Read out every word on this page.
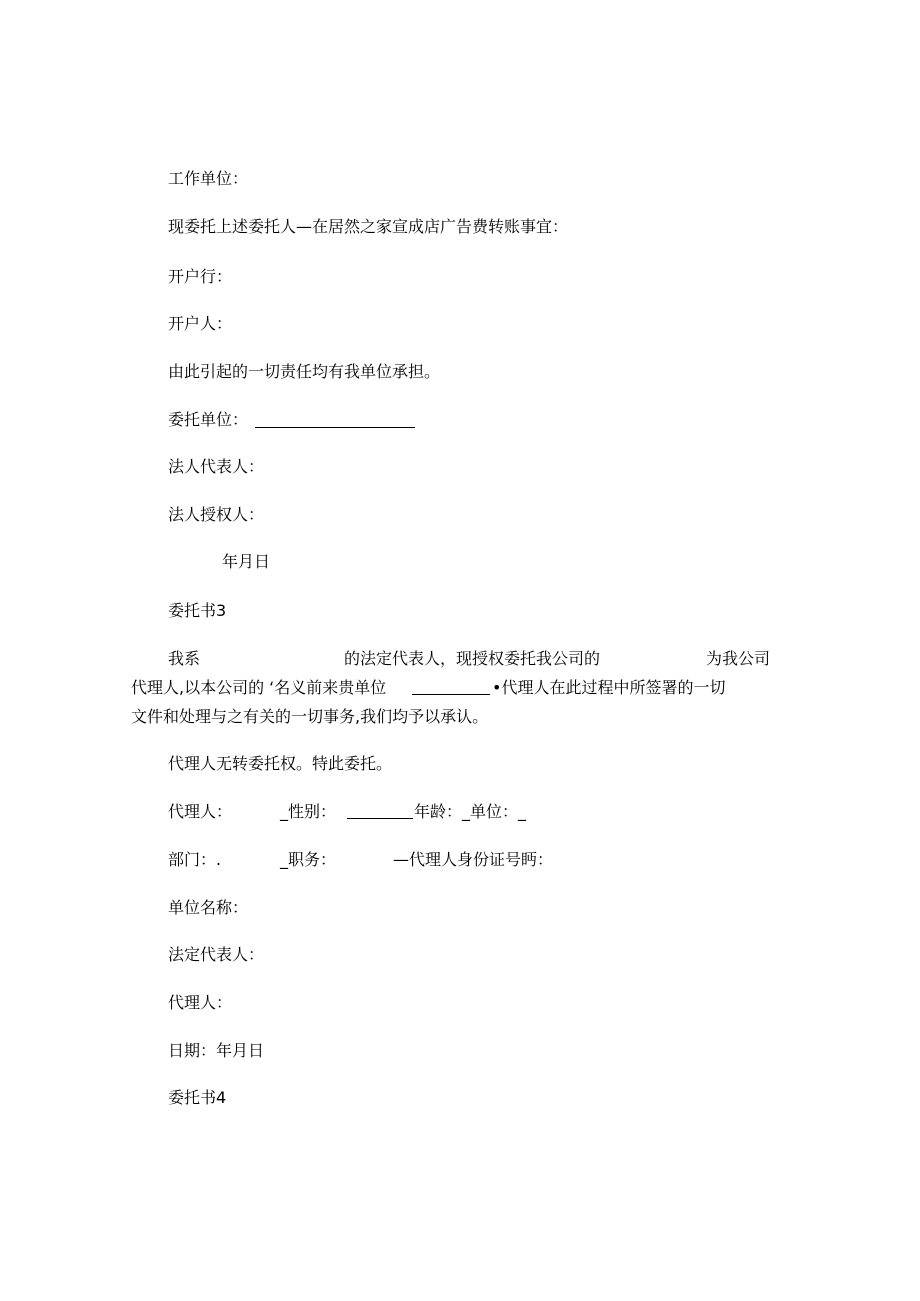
工作单位：
现委托上述委托人—在居然之家宣成店广告费转账事宜：
开户行：
开户人：
由此引起的一切责任均有我单位承担。
委托单位：
法人代表人：
法人授权人：
年月日
委托书3
我系	的法定代表人，现授权委托我公司的	为我公司
代理人,以本公司的 ‘名义前来贵单位	•代理人在此过程中所签署的一切
文件和处理与之有关的一切事务,我们均予以承认。
代理人无转委托权。特此委托。
代理人：	_性别：	年龄：_单位：_
部门：.	_职务：	—代理人身份证号眄：
单位名称：
法定代表人：
代理人：
日期：年月日
委托书4
